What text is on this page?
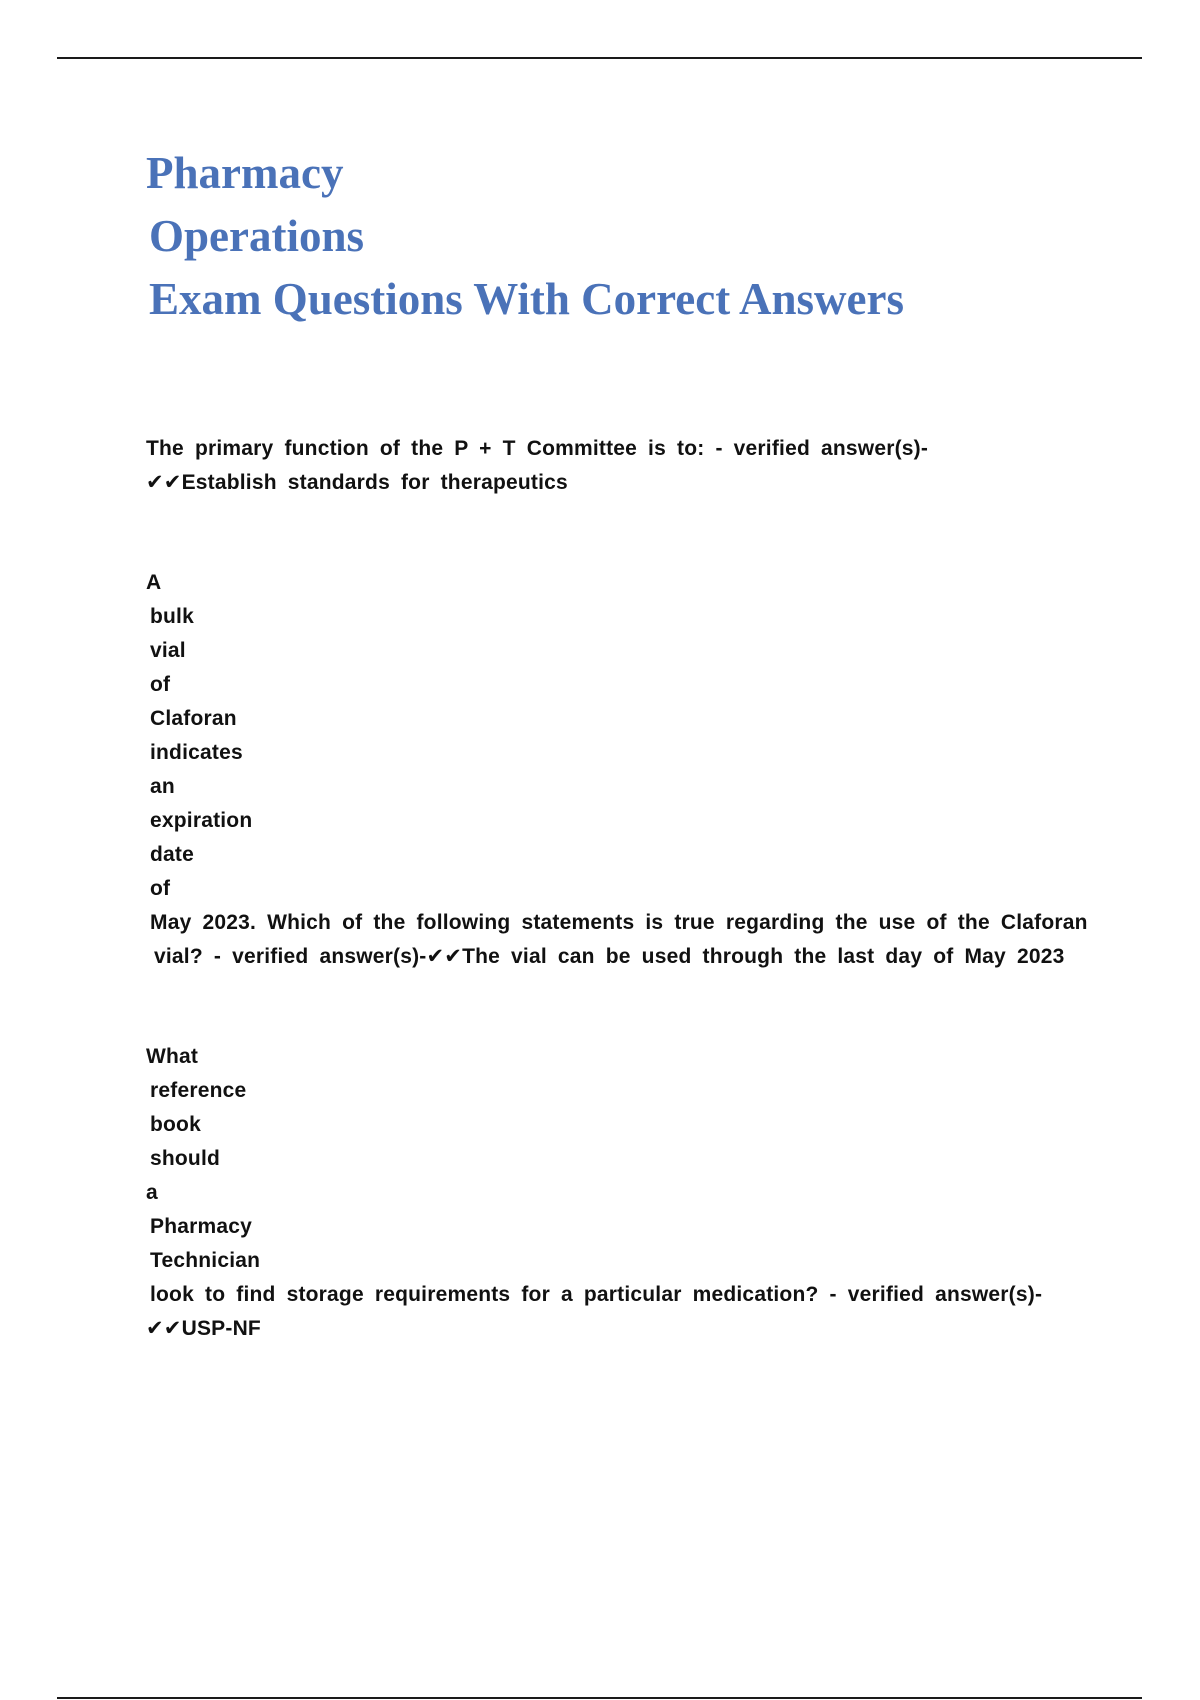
Pharmacy
Operations
Exam Questions With Correct Answers
The primary function of the P + T Committee is to: - verified answer(s)-
✔✔Establish standards for therapeutics
A
bulk
vial
of
Claforan
indicates
an
expiration
date
of
May 2023. Which of the following statements is true regarding the use of the Claforan
vial? - verified answer(s)-✔✔The vial can be used through the last day of May 2023
What
reference
book
should
a
Pharmacy
Technician
look to find storage requirements for a particular medication? - verified answer(s)-
✔✔USP-NF
